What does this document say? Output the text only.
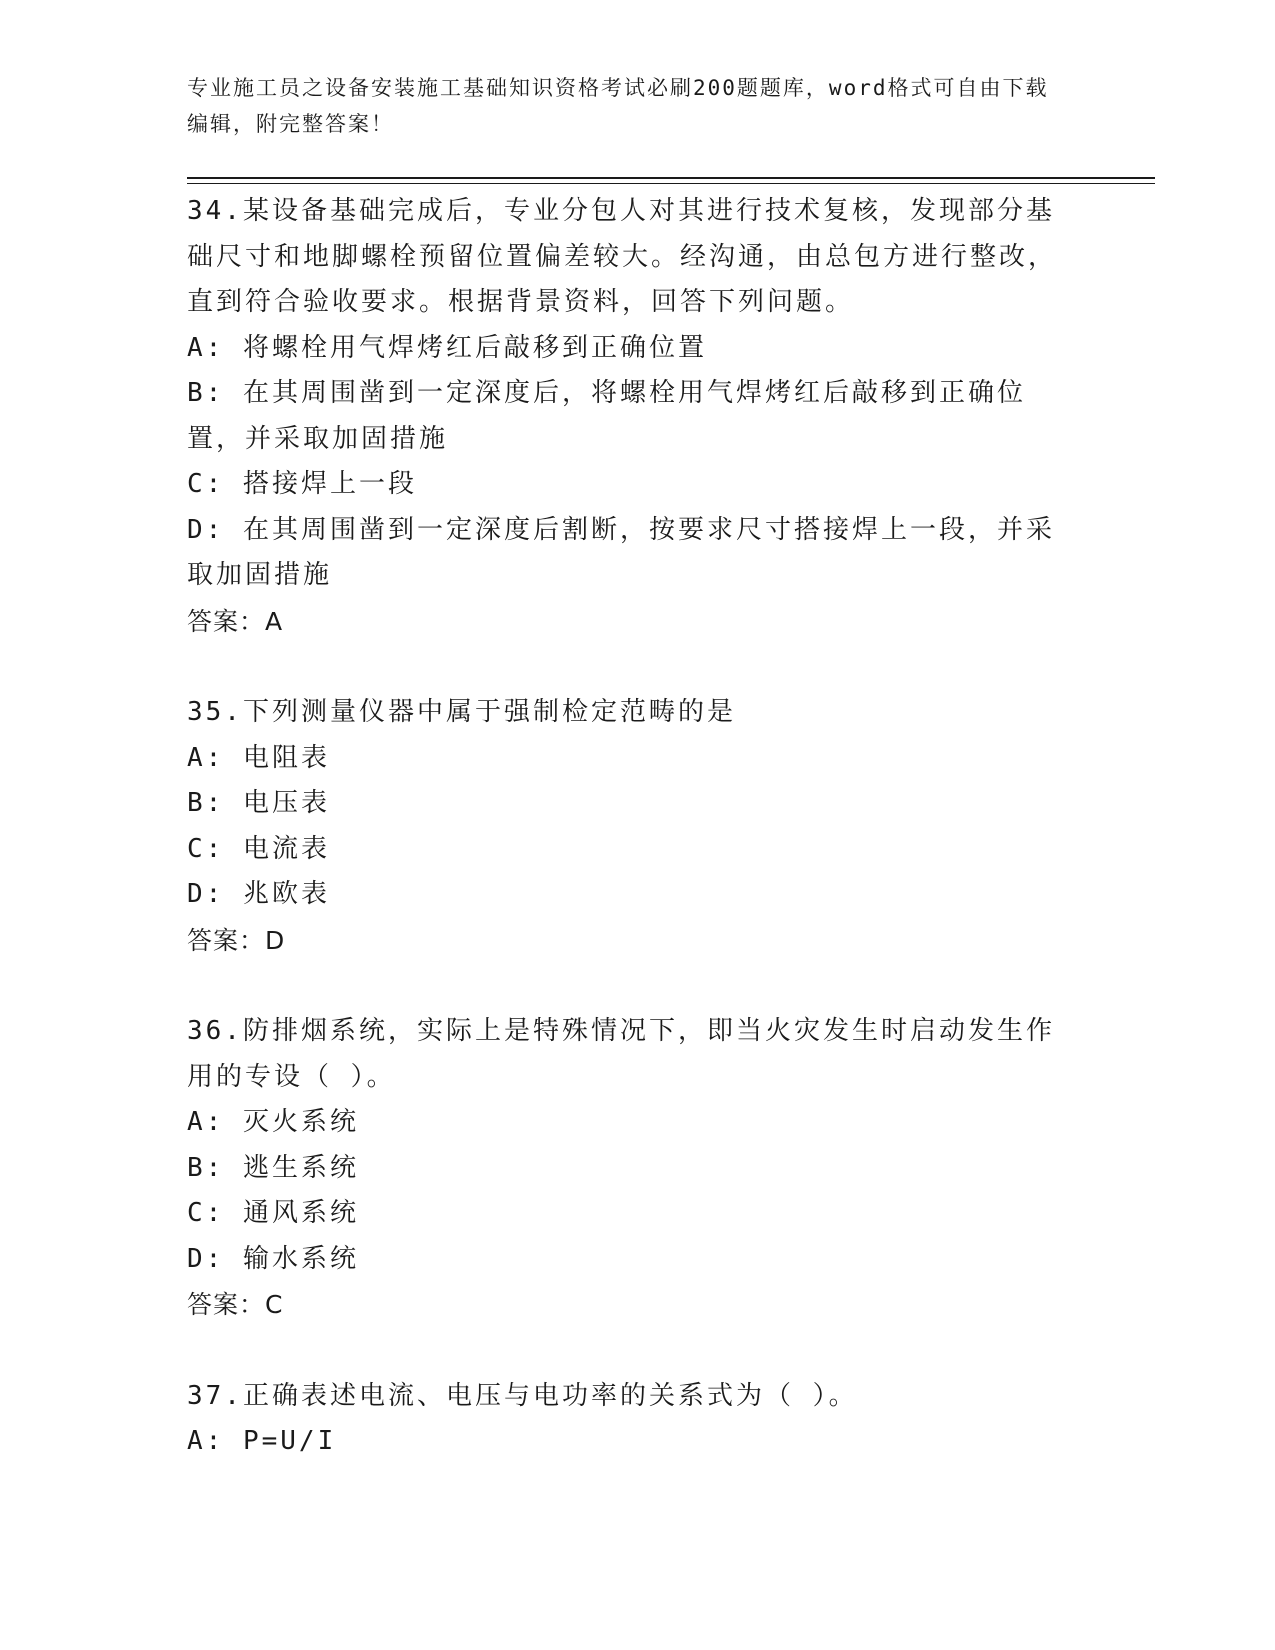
专业施工员之设备安装施工基础知识资格考试必刷200题题库，word格式可自由下载编辑，附完整答案！
34.某设备基础完成后，专业分包人对其进行技术复核，发现部分基础尺寸和地脚螺栓预留位置偏差较大。经沟通，由总包方进行整改，直到符合验收要求。根据背景资料，回答下列问题。
A: 将螺栓用气焊烤红后敲移到正确位置
B: 在其周围凿到一定深度后，将螺栓用气焊烤红后敲移到正确位置，并采取加固措施
C: 搭接焊上一段
D: 在其周围凿到一定深度后割断，按要求尺寸搭接焊上一段，并采取加固措施
答案：A
35.下列测量仪器中属于强制检定范畴的是
A: 电阻表
B: 电压表
C: 电流表
D: 兆欧表
答案：D
36.防排烟系统，实际上是特殊情况下，即当火灾发生时启动发生作用的专设（ ）。
A: 灭火系统
B: 逃生系统
C: 通风系统
D: 输水系统
答案：C
37.正确表述电流、电压与电功率的关系式为（ ）。
A: P=U/I
